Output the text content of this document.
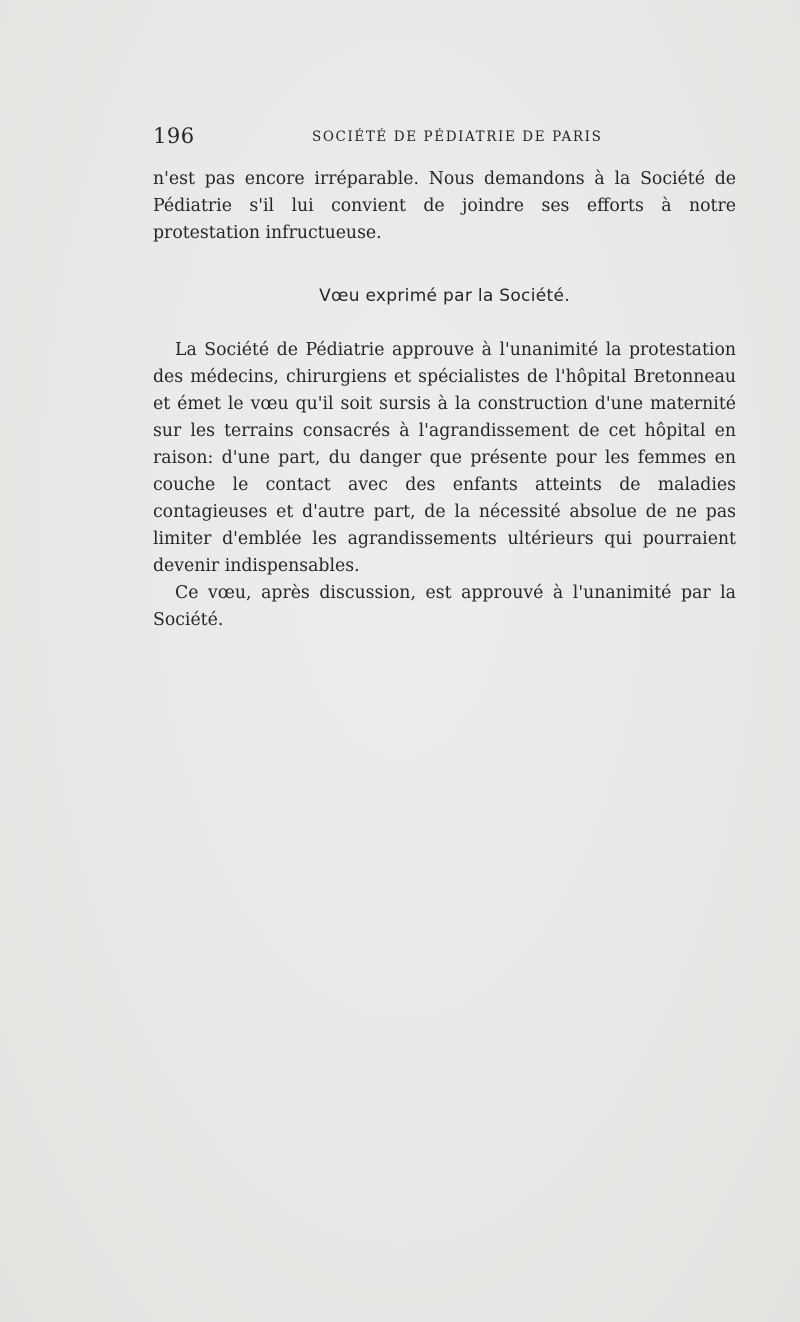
196	SOCIÉTÉ DE PÉDIATRIE DE PARIS
n'est pas encore irréparable. Nous demandons à la Société de Pédiatrie s'il lui convient de joindre ses efforts à notre protestation infructueuse.
Vœu exprimé par la Société.

La Société de Pédiatrie approuve à l'unanimité la protestation des médecins, chirurgiens et spécialistes de l'hôpital Bretonneau et émet le vœu qu'il soit sursis à la construction d'une maternité sur les terrains consacrés à l'agrandissement de cet hôpital en raison: d'une part, du danger que présente pour les femmes en couche le contact avec des enfants atteints de maladies contagieuses et d'autre part, de la nécessité absolue de ne pas limiter d'emblée les agrandissements ultérieurs qui pourraient devenir indispensables.

Ce vœu, après discussion, est approuvé à l'unanimité par la Société.
